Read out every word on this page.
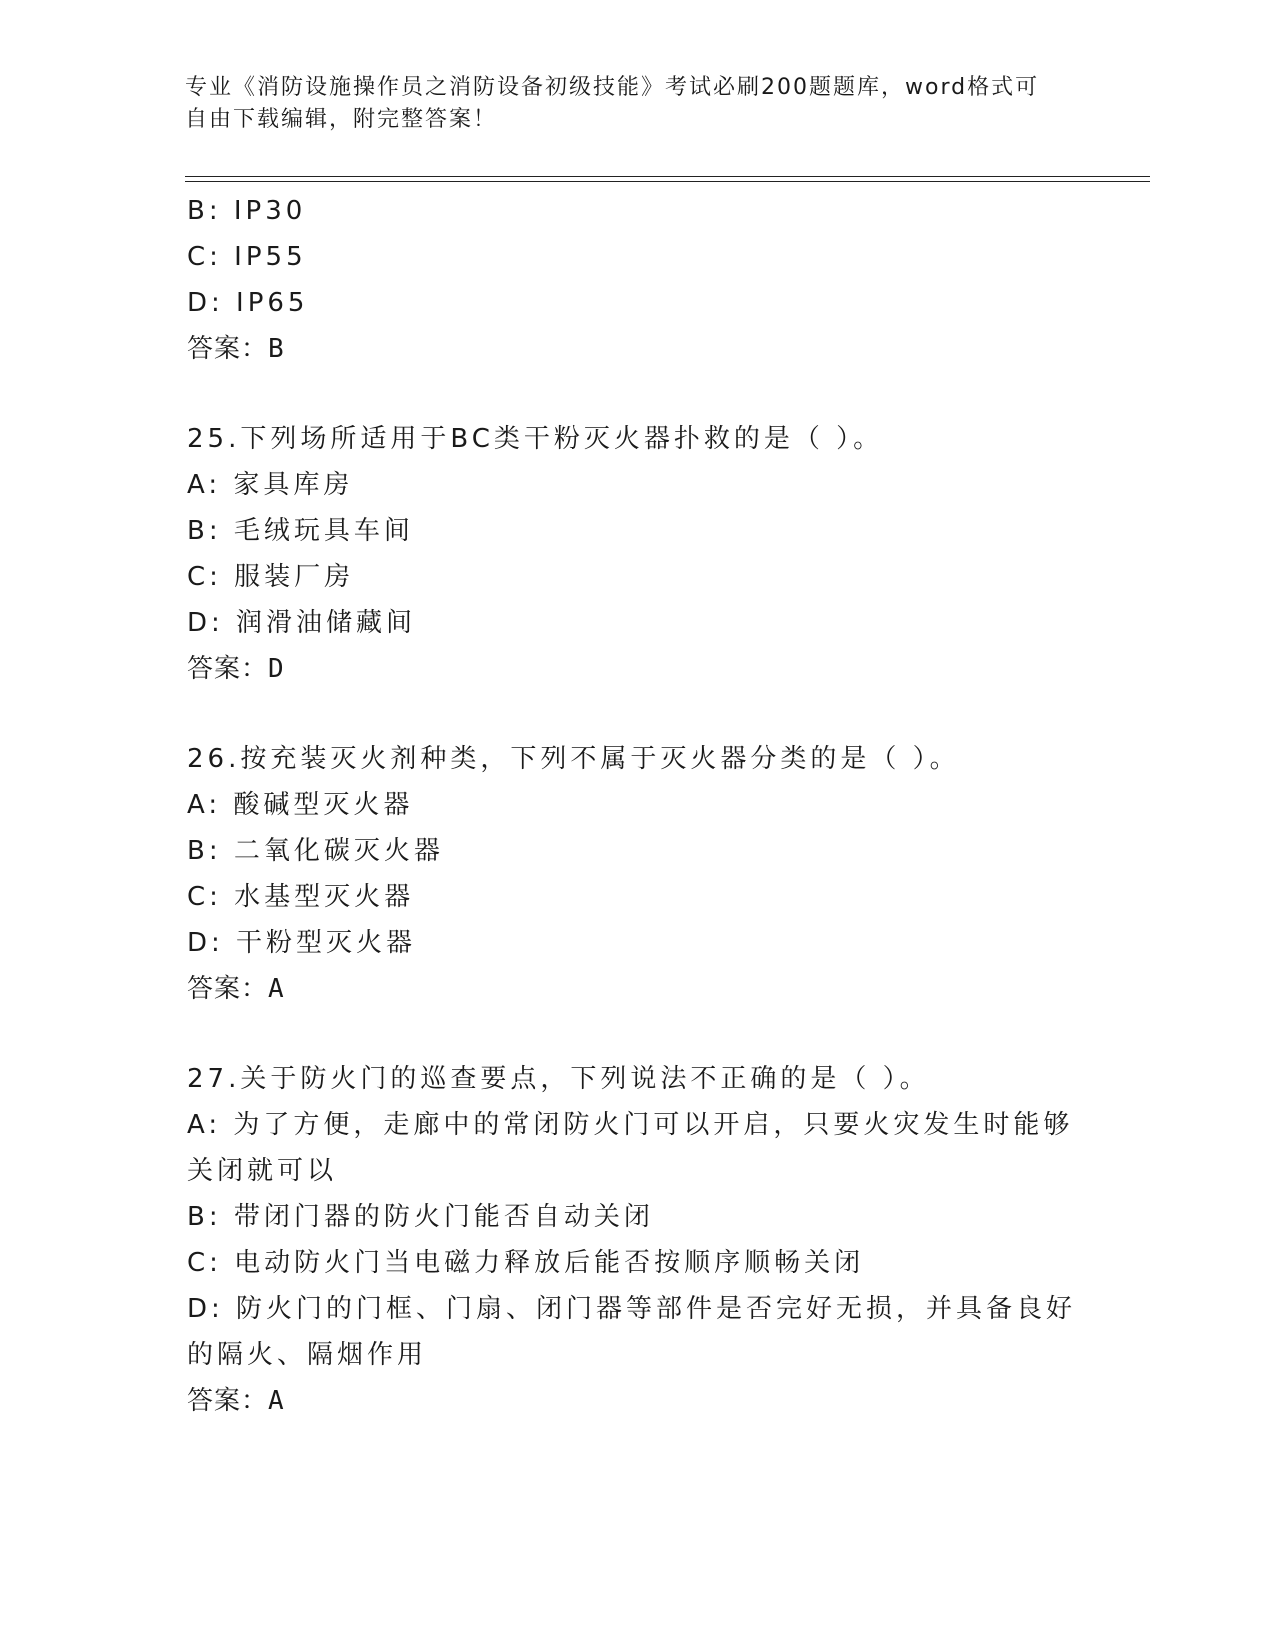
专业《消防设施操作员之消防设备初级技能》考试必刷200题题库，word格式可
自由下载编辑，附完整答案！
B: IP30
C: IP55
D: IP65
答案：B
25.下列场所适用于BC类干粉灭火器扑救的是（ ）。
A: 家具库房
B: 毛绒玩具车间
C: 服装厂房
D: 润滑油储藏间
答案：D
26.按充装灭火剂种类，下列不属于灭火器分类的是（ ）。
A: 酸碱型灭火器
B: 二氧化碳灭火器
C: 水基型灭火器
D: 干粉型灭火器
答案：A
27.关于防火门的巡查要点，下列说法不正确的是（ ）。
A: 为了方便，走廊中的常闭防火门可以开启，只要火灾发生时能够关闭就可以
B: 带闭门器的防火门能否自动关闭
C: 电动防火门当电磁力释放后能否按顺序顺畅关闭
D: 防火门的门框、门扇、闭门器等部件是否完好无损，并具备良好的隔火、隔烟作用
答案：A
